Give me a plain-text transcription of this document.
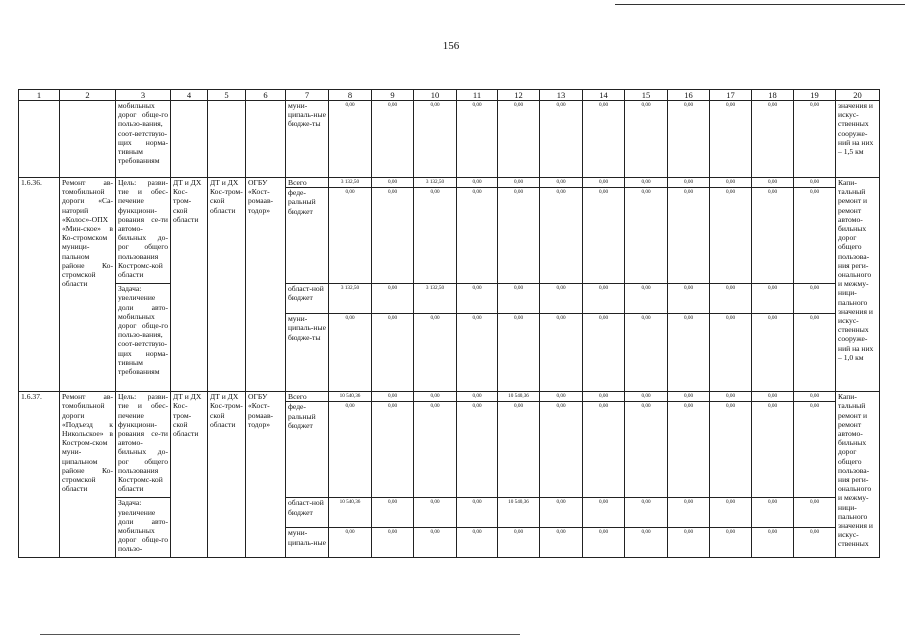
156
1	2	3	4	5	6	7	8	9	10	11	12	13	14	15	16	17	18	19	20
		мобильных дорог обще-го пользо-вания, соот-ветствую-щих норма-тивным требованиям				муни-ципаль-ные бюдже-ты	0,00	0,00	0,00	0,00	0,00	0,00	0,00	0,00	0,00	0,00	0,00	0,00	значения и искус-ственных сооруже-ний на них – 1,5 км
1.6.36.	Ремонт ав-томобильной дороги «Са-наторий «Колос»-ОПХ «Мин-ское» в Ко-стромском муници-пальном районе Ко-стромской области	Цель: разви-тие и обес-печение функциони-рования се-ти автомо-бильных до-рог общего пользования Костромс-кой области	ДТ и ДХ Кос-тром-ской области	ДТ и ДХ Кос-тром-ской области	ОГБУ «Кост-ромаав-тодор»	Всего	3 132,50	0,00	3 132,50	0,00	0,00	0,00	0,00	0,00	0,00	0,00	0,00	0,00	Капи-тальный ремонт и ремонт автомо-бильных дорог общего пользова-ния реги-онального и межму-ници-пального значения и искус-ственных сооруже-ний на них – 1,0 км
						феде-ральный бюджет	0,00	0,00	0,00	0,00	0,00	0,00	0,00	0,00	0,00	0,00	0,00	0,00	
		Задача: увеличение доли авто-мобильных дорог обще-го пользо-вания, соот-ветствую-щих норма-тивным требованиям				област-ной бюджет	3 132,50	0,00	3 132,50	0,00	0,00	0,00	0,00	0,00	0,00	0,00	0,00	0,00	
						муни-ципаль-ные бюдже-ты	0,00	0,00	0,00	0,00	0,00	0,00	0,00	0,00	0,00	0,00	0,00	0,00	
1.6.37.	Ремонт ав-томобильной дороги «Подъезд к Никольское» в Костром-ском муни-ципальном районе Ко-стромской области	Цель: разви-тие и обес-печение функциони-рования се-ти автомо-бильных до-рог общего пользования Костромс-кой области	ДТ и ДХ Кос-тром-ской области	ДТ и ДХ Кос-тром-ской области	ОГБУ «Кост-ромаав-тодор»	Всего	10 540,36	0,00	0,00	0,00	10 540,36	0,00	0,00	0,00	0,00	0,00	0,00	0,00	Капи-тальный ремонт и ремонт автомо-бильных дорог общего пользова-ния реги-онального и межму-ници-пального значения и искус-ственных
						феде-ральный бюджет	0,00	0,00	0,00	0,00	0,00	0,00	0,00	0,00	0,00	0,00	0,00	0,00	
		Задача: увеличение доли авто-мобильных дорог обще-го пользо-				област-ной бюджет	10 540,36	0,00	0,00	0,00	10 540,36	0,00	0,00	0,00	0,00	0,00	0,00	0,00	
						муни-ципаль-ные	0,00	0,00	0,00	0,00	0,00	0,00	0,00	0,00	0,00	0,00	0,00	0,00	
